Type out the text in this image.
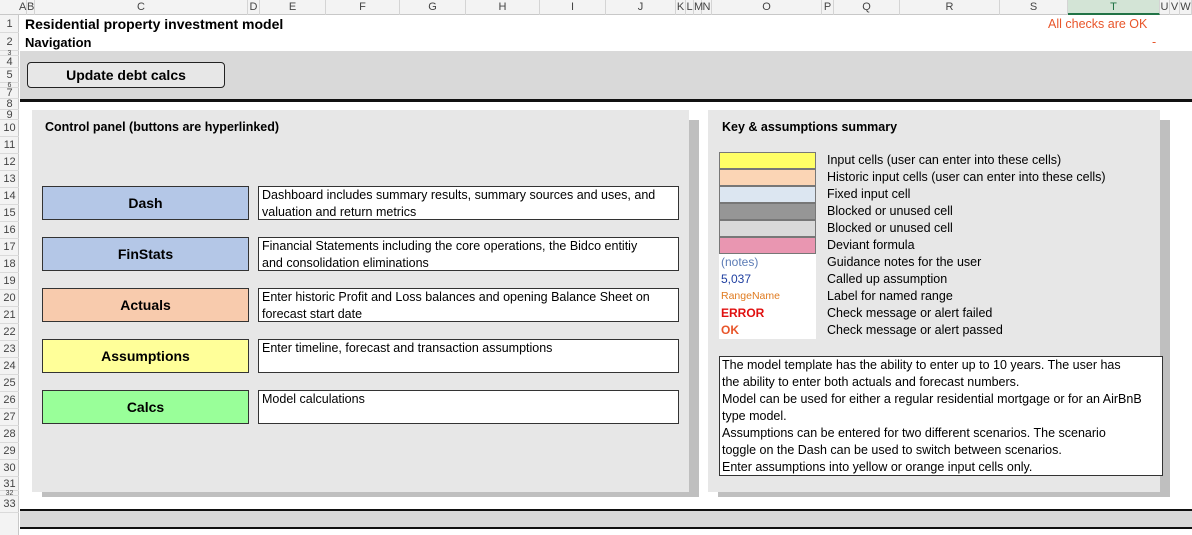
A B	C	D	E	F	G	H	I	J	K L M N	O	P	Q	R	S	T	U V W
1
2
3
4
5
6
7
8
9
10
11
12
13
14
15
16
17
18
19
20
21
22
23
24
25
26
27
28
29
30
31
32
33
Residential property investment model
Navigation
All checks are OK
-
Update debt calcs
Control panel (buttons are hyperlinked)
Dash	Dashboard includes summary results, summary sources and uses, and
valuation and return metrics
FinStats	Financial Statements including the core operations, the Bidco entitiy
and consolidation eliminations
Actuals	Enter historic Profit and Loss balances and opening Balance Sheet on
forecast start date
Assumptions	Enter timeline, forecast and transaction assumptions

Calcs	Model calculations

Key & assumptions summary
Input cells (user can enter into these cells)
Historic input cells (user can enter into these cells)
Fixed input cell
Blocked or unused cell
Blocked or unused cell
Deviant formula
(notes)	Guidance notes for the user
5,037	Called up assumption
RangeName	Label for named range
ERROR	Check message or alert failed
OK	Check message or alert passed

The model template has the ability to enter up to 10 years. The user has

the ability to enter both actuals and forecast numbers.

Model can be used for either a regular residential mortgage or for an AirBnB

type model.

Assumptions can be entered for two different scenarios. The scenario

toggle on the Dash can be used to switch between scenarios.

Enter assumptions into yellow or orange input cells only.
